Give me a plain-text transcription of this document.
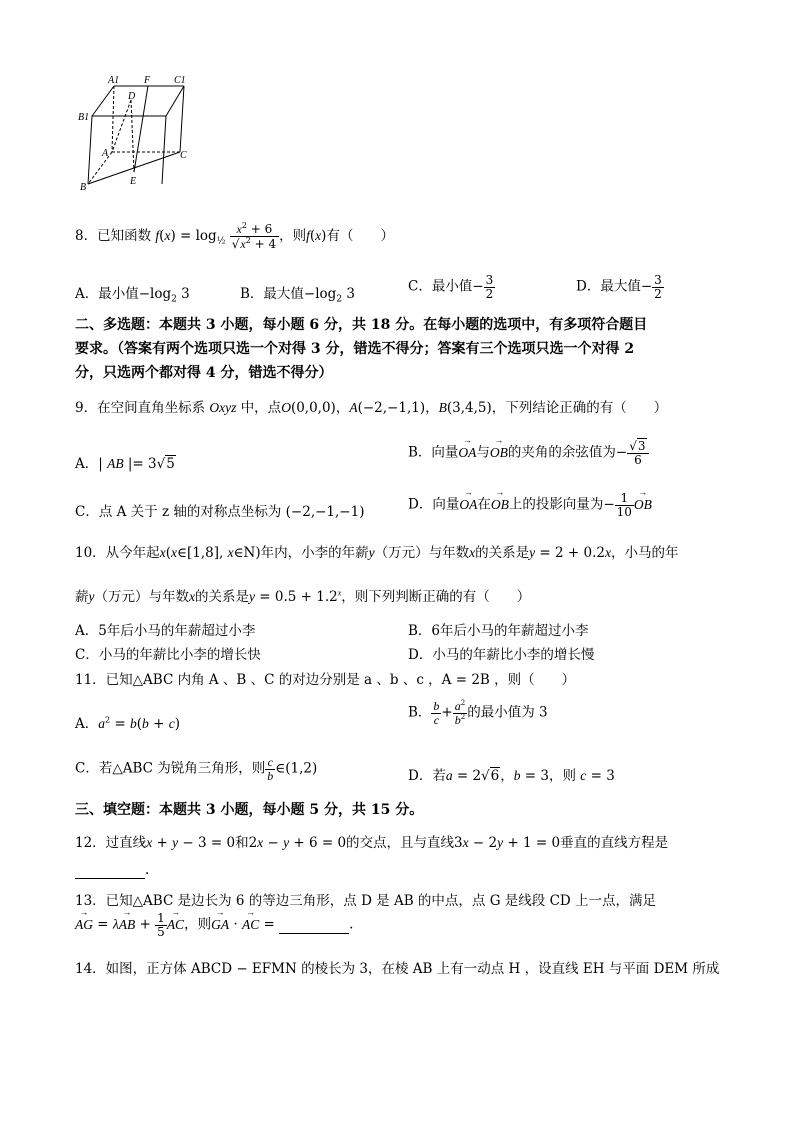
A1 F C1
D
B1
A	C
B
E
8．已知函数 $f(x) = \log_{\frac{1}{2}} \frac{x^2 + 6}{√x^2 + 4}$ ，则f(x)有（　　）
A．最小值$-\log_2$ 3	B．最大值$-\log_2$ 3	C．最小值− $\frac{3}{2}$	D．最大值− $\frac{3}{2}$
二、多选题：本题共 3 小题，每小题 6 分，共 18 分。在每小题的选项中，有多项符合题目
要求。（答案有两个选项只选一个对得 3 分，错选不得分；答案有三个选项只选一个对得 2
分，只选两个都对得 4 分，错选不得分）
9．在空间直角坐标系 Oxyz 中，点O(0,0,0)，A(−2,−1,1)，B(3,4,5)，下列结论正确的有（　　）
A．| AB |= 3√5
B．向量→ OA与→ OB的夹角的余弦值为− $\frac{√3}{6}$
C．点 A 关于 z 轴的对称点坐标为 (−2,−1,−1)	D．向量→ OA在→ OB上的投影向量为− $\frac{1}{10}$ → OB
10．从今年起x(x∈[1,8], x∈N)年内，小李的年薪y（万元）与年数x的关系是y = 2 + 0.2x，小马的年
薪y（万元）与年数x的关系是$y = 0.5 + 1.2^x$，则下列判断正确的有（　　）
A．5年后小马的年薪超过小李	B．6年后小马的年薪超过小李
C．小马的年薪比小李的增长快	D．小马的年薪比小李的增长慢
11．已知△ABC 内角 A 、B 、C 的对边分别是 a 、b 、c ，A = 2B ，则（　　）
A．$a^2 = b(b + c)$
B． $\frac{b}{c} + \frac{a^2}{b^2}$ 的最小值为 3
C．若△ABC 为锐角三角形，则 $\frac{c}{b}$ ∈(1,2)	D．若a = 2√6，b = 3，则 c = 3
三、填空题：本题共 3 小题，每小题 5 分，共 15 分。
12．过直线x + y − 3 = 0和2x − y + 6 = 0的交点，且与直线3x − 2y + 1 = 0垂直的直线方程是
.
13．已知△ABC 是边长为 6 的等边三角形，点 D 是 AB 的中点，点 G 是线段 CD 上一点，满足
→ AG = λ→ AB + $\frac{1}{5}$ → AC，则→ GA · → AC =	.
14．如图，正方体 ABCD − EFMN 的棱长为 3，在棱 AB 上有一动点 H ，设直线 EH 与平面 DEM 所成
